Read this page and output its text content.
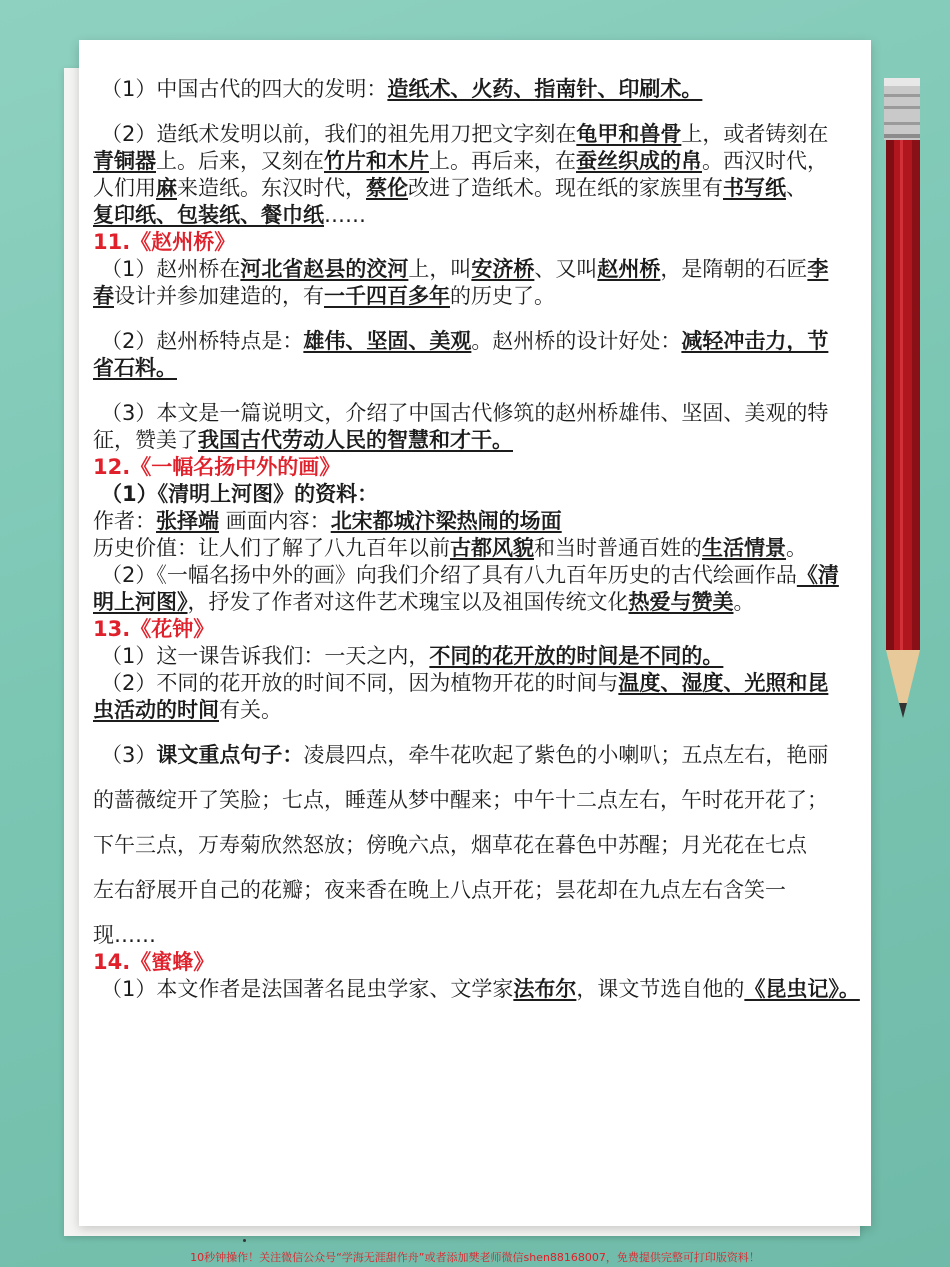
（1）中国古代的四大的发明：造纸术、火药、指南针、印刷术。
（2）造纸术发明以前，我们的祖先用刀把文字刻在龟甲和兽骨上，或者铸刻在
青铜器上。后来，又刻在竹片和木片上。再后来，在蚕丝织成的帛。西汉时代，
人们用麻来造纸。东汉时代，蔡伦改进了造纸术。现在纸的家族里有书写纸、
复印纸、包装纸、餐巾纸……
11.《赵州桥》
（1）赵州桥在河北省赵县的洨河上，叫安济桥、又叫赵州桥，是隋朝的石匠李
春设计并参加建造的，有一千四百多年的历史了。
（2）赵州桥特点是：雄伟、坚固、美观。赵州桥的设计好处：减轻冲击力，节
省石料。
（3）本文是一篇说明文，介绍了中国古代修筑的赵州桥雄伟、坚固、美观的特
征，赞美了我国古代劳动人民的智慧和才干。
12.《一幅名扬中外的画》
（1）《清明上河图》的资料：
作者：张择端 画面内容：北宋都城汴梁热闹的场面
历史价值：让人们了解了八九百年以前古都风貌和当时普通百姓的生活情景。
（2）《一幅名扬中外的画》向我们介绍了具有八九百年历史的古代绘画作品《清
明上河图》，抒发了作者对这件艺术瑰宝以及祖国传统文化热爱与赞美。
13.《花钟》
（1）这一课告诉我们：一天之内，不同的花开放的时间是不同的。
（2）不同的花开放的时间不同，因为植物开花的时间与温度、湿度、光照和昆
虫活动的时间有关。
（3）课文重点句子：凌晨四点，牵牛花吹起了紫色的小喇叭；五点左右，艳丽
的蔷薇绽开了笑脸；七点，睡莲从梦中醒来；中午十二点左右，午时花开花了；
下午三点，万寿菊欣然怒放；傍晚六点，烟草花在暮色中苏醒；月光花在七点
左右舒展开自己的花瓣；夜来香在晚上八点开花；昙花却在九点左右含笑一
现……
14.《蜜蜂》
（1）本文作者是法国著名昆虫学家、文学家法布尔，课文节选自他的《昆虫记》。
10秒钟操作！关注微信公众号“学海无涯甜作舟”或者添加樊老师微信shen88168007，免费提供完整可打印版资料！
